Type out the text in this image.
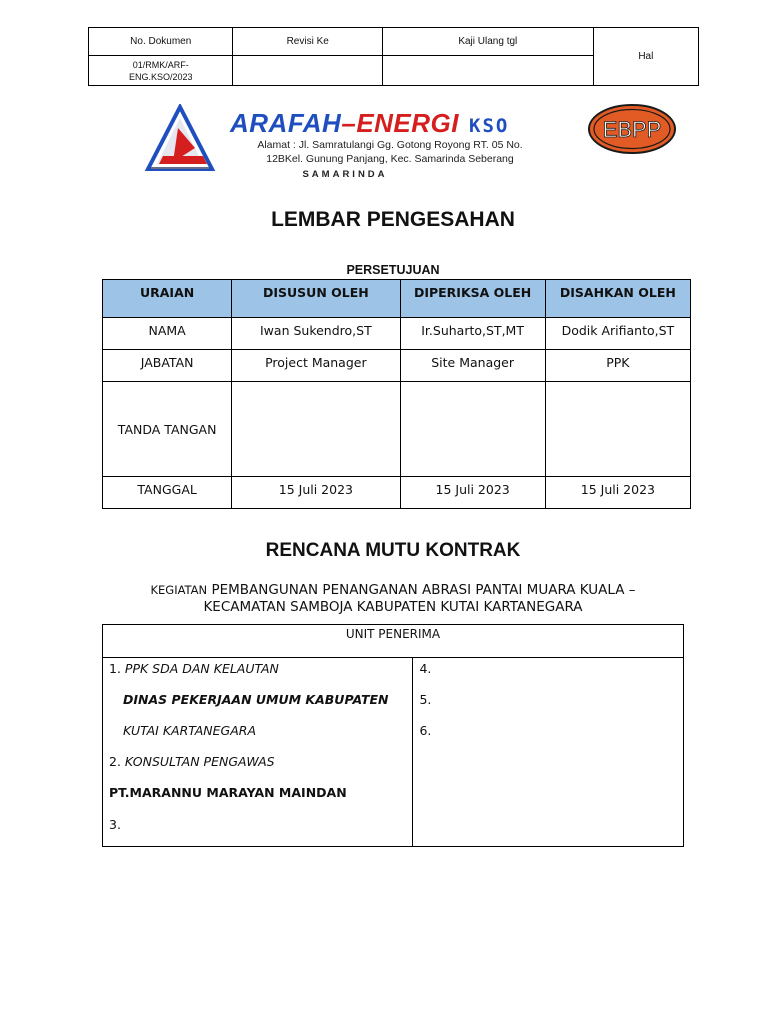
No. Dokumen	Revisi Ke	Kaji Ulang tgl	Hal

01/RMK/ARF-
ENG.KSO/2023			

ARAFAH–ENERGI KSO
Alamat : Jl. Samratulangi Gg. Gotong Royong RT. 05 No.
12BKel. Gunung Panjang, Kec. Samarinda Seberang
SAMARINDA
EBPP
LEMBAR PENGESAHAN
PERSETUJUAN
URAIAN	DISUSUN OLEH	DIPERIKSA OLEH	DISAHKAN OLEH
NAMA	Iwan Sukendro,ST	Ir.Suharto,ST,MT	Dodik Arifianto,ST
JABATAN	Project Manager	Site Manager	PPK
TANDA TANGAN			
TANGGAL	15 Juli 2023	15 Juli 2023	15 Juli 2023
RENCANA MUTU KONTRAK
KEGIATAN PEMBANGUNAN PENANGANAN ABRASI PANTAI MUARA KUALA –
KECAMATAN SAMBOJA KABUPATEN KUTAI KARTANEGARA
UNIT PENERIMA

1. PPK SDA DAN KELAUTAN
DINAS PEKERJAAN UMUM KABUPATEN
KUTAI KARTANEGARA
2. KONSULTAN PENGAWAS
PT.MARANNU MARAYAN MAINDAN
3.

4.
5.
6.
